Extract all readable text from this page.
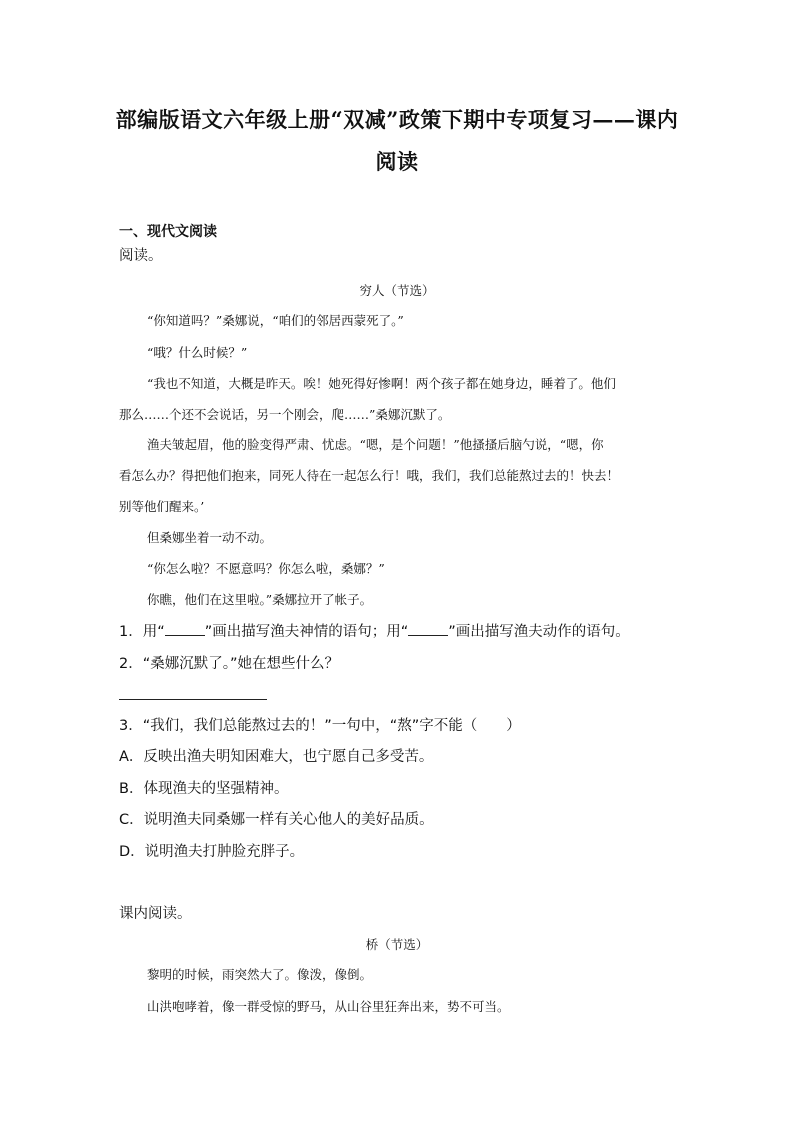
部编版语文六年级上册“双减”政策下期中专项复习——课内
阅读
一、现代文阅读
阅读。
穷人（节选）
“你知道吗？”桑娜说，“咱们的邻居西蒙死了。”
“哦？什么时候？”
“我也不知道，大概是昨天。唉！她死得好惨啊！两个孩子都在她身边，睡着了。他们
那么……个还不会说话，另一个刚会，爬……”桑娜沉默了。
渔夫皱起眉，他的脸变得严肃、忧虑。“嗯，是个问题！”他搔搔后脑勺说，“嗯，你
看怎么办？得把他们抱来，同死人待在一起怎么行！哦，我们，我们总能熬过去的！快去！
别等他们醒来。’
但桑娜坐着一动不动。
“你怎么啦？不愿意吗？你怎么啦，桑娜？”
你瞧，他们在这里啦。”桑娜拉开了帐子。
1．用“	”画出描写渔夫神情的语句；用“	”画出描写渔夫动作的语句。
2．“桑娜沉默了。”她在想些什么？
3．“我们，我们总能熬过去的！”一句中，“熬”字不能（　　）
A．反映出渔夫明知困难大，也宁愿自己多受苦。
B．体现渔夫的坚强精神。
C．说明渔夫同桑娜一样有关心他人的美好品质。
D．说明渔夫打肿脸充胖子。
课内阅读。
桥（节选）
黎明的时候，雨突然大了。像泼，像倒。
山洪咆哮着，像一群受惊的野马，从山谷里狂奔出来，势不可当。
